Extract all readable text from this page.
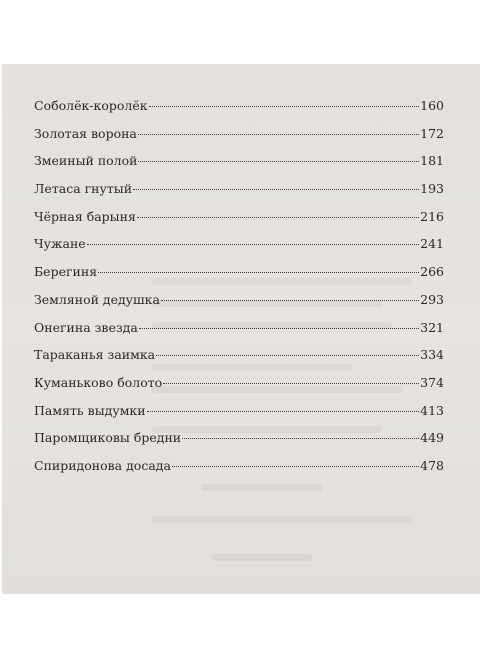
Соболёк-королёк	160
Золотая ворона	172
Змеиный полой	181
Летаса гнутый	193
Чёрная барыня	216
Чужане	241
Берегиня	266
Земляной дедушка	293
Онегина звезда	321
Тараканья заимка	334
Куманьково болото	374
Память выдумки	413
Паромщиковы бредни	449
Спиридонова досада	478
